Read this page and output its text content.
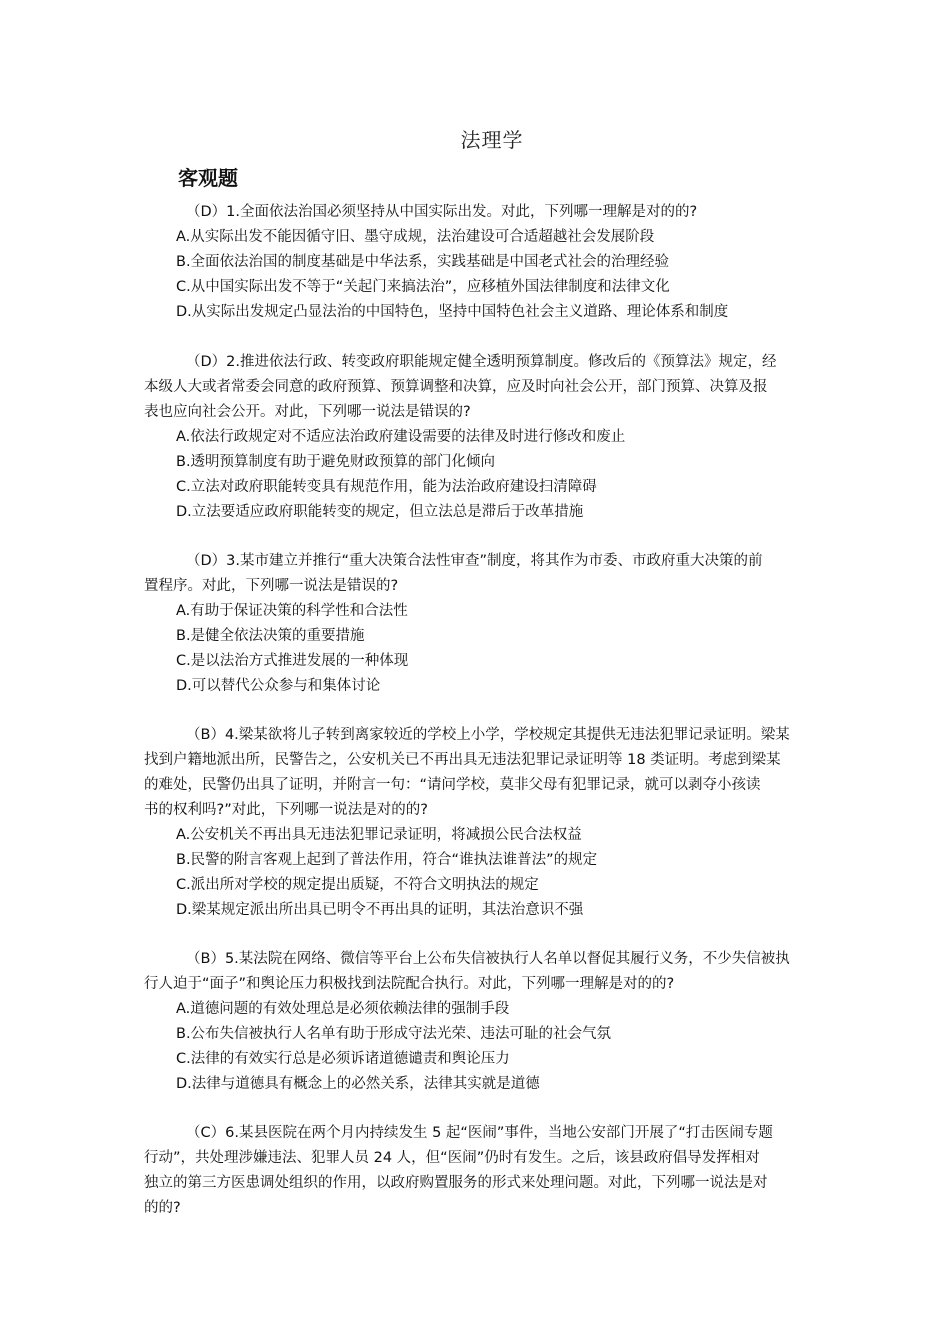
法理学
客观题
（D）1.全面依法治国必须坚持从中国实际出发。对此，下列哪一理解是对的的?
A.从实际出发不能因循守旧、墨守成规，法治建设可合适超越社会发展阶段
B.全面依法治国的制度基础是中华法系，实践基础是中国老式社会的治理经验
C.从中国实际出发不等于“关起门来搞法治”，应移植外国法律制度和法律文化
D.从实际出发规定凸显法治的中国特色，坚持中国特色社会主义道路、理论体系和制度
（D）2.推进依法行政、转变政府职能规定健全透明预算制度。修改后的《预算法》规定，经
本级人大或者常委会同意的政府预算、预算调整和决算，应及时向社会公开，部门预算、决算及报
表也应向社会公开。对此，下列哪一说法是错误的?
A.依法行政规定对不适应法治政府建设需要的法律及时进行修改和废止
B.透明预算制度有助于避免财政预算的部门化倾向
C.立法对政府职能转变具有规范作用，能为法治政府建设扫清障碍
D.立法要适应政府职能转变的规定，但立法总是滞后于改革措施
（D）3.某市建立并推行“重大决策合法性审查”制度，将其作为市委、市政府重大决策的前
置程序。对此，下列哪一说法是错误的?
A.有助于保证决策的科学性和合法性
B.是健全依法决策的重要措施
C.是以法治方式推进发展的一种体现
D.可以替代公众参与和集体讨论
（B）4.梁某欲将儿子转到离家较近的学校上小学，学校规定其提供无违法犯罪记录证明。梁某
找到户籍地派出所，民警告之，公安机关已不再出具无违法犯罪记录证明等 18 类证明。考虑到梁某
的难处，民警仍出具了证明，并附言一句：“请问学校，莫非父母有犯罪记录，就可以剥夺小孩读
书的权利吗?”对此，下列哪一说法是对的的?
A.公安机关不再出具无违法犯罪记录证明，将减损公民合法权益
B.民警的附言客观上起到了普法作用，符合“谁执法谁普法”的规定
C.派出所对学校的规定提出质疑，不符合文明执法的规定
D.梁某规定派出所出具已明令不再出具的证明，其法治意识不强
（B）5.某法院在网络、微信等平台上公布失信被执行人名单以督促其履行义务，不少失信被执
行人迫于“面子”和舆论压力积极找到法院配合执行。对此，下列哪一理解是对的的?
A.道德问题的有效处理总是必须依赖法律的强制手段
B.公布失信被执行人名单有助于形成守法光荣、违法可耻的社会气氛
C.法律的有效实行总是必须诉诸道德谴责和舆论压力
D.法律与道德具有概念上的必然关系，法律其实就是道德
（C）6.某县医院在两个月内持续发生 5 起“医闹”事件，当地公安部门开展了“打击医闹专题
行动”，共处理涉嫌违法、犯罪人员 24 人，但“医闹”仍时有发生。之后，该县政府倡导发挥相对
独立的第三方医患调处组织的作用，以政府购置服务的形式来处理问题。对此，下列哪一说法是对
的的?
